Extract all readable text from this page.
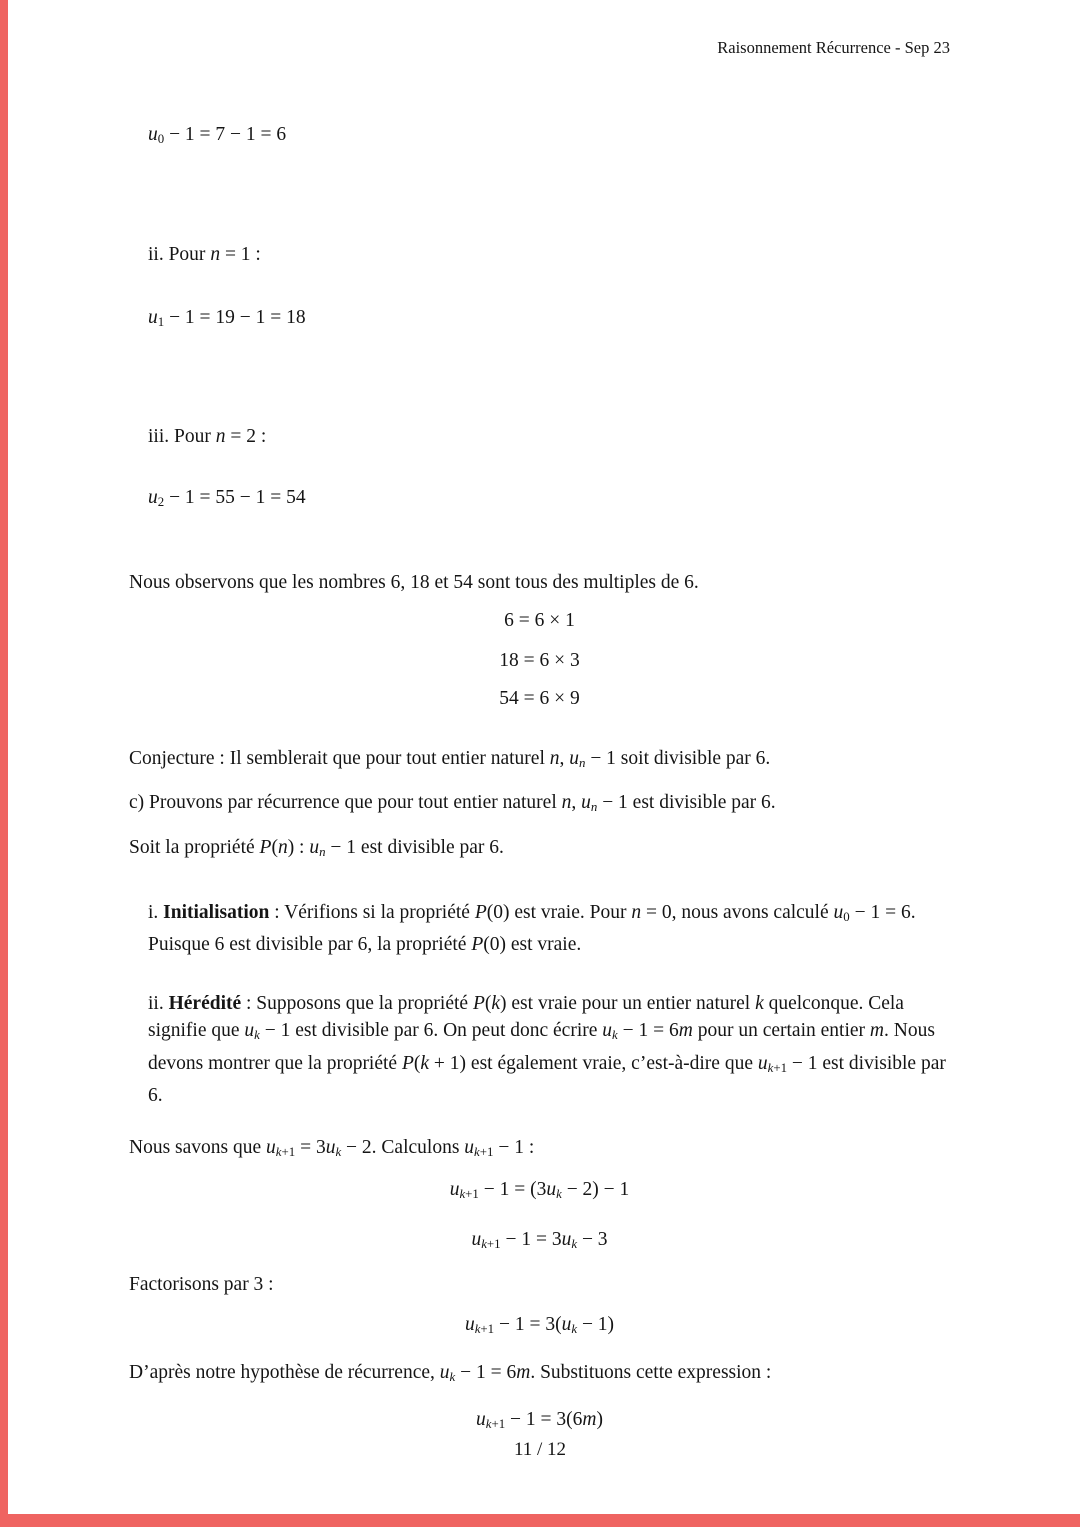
Raisonnement Récurrence - Sep 23

u0 − 1 = 7 − 1 = 6

ii. Pour n = 1 :

u1 − 1 = 19 − 1 = 18

iii. Pour n = 2 :

u2 − 1 = 55 − 1 = 54

Nous observons que les nombres 6, 18 et 54 sont tous des multiples de 6.

6 = 6 × 1

18 = 6 × 3

54 = 6 × 9

Conjecture : Il semblerait que pour tout entier naturel n, un − 1 soit divisible par 6.

c) Prouvons par récurrence que pour tout entier naturel n, un − 1 est divisible par 6.

Soit la propriété P(n) : un − 1 est divisible par 6.

i. Initialisation : Vérifions si la propriété P(0) est vraie. Pour n = 0, nous avons calculé u0 − 1 = 6. Puisque 6 est divisible par 6, la propriété P(0) est vraie.

ii. Hérédité : Supposons que la propriété P(k) est vraie pour un entier naturel k quelconque. Cela signifie que uk − 1 est divisible par 6. On peut donc écrire uk − 1 = 6m pour un certain entier m. Nous devons montrer que la propriété P(k + 1) est également vraie, c’est-à-dire que uk+1 − 1 est divisible par 6.

Nous savons que uk+1 = 3uk − 2. Calculons uk+1 − 1 :

uk+1 − 1 = (3uk − 2) − 1

uk+1 − 1 = 3uk − 3

Factorisons par 3 :

uk+1 − 1 = 3(uk − 1)

D’après notre hypothèse de récurrence, uk − 1 = 6m. Substituons cette expression :

uk+1 − 1 = 3(6m)

11 / 12
